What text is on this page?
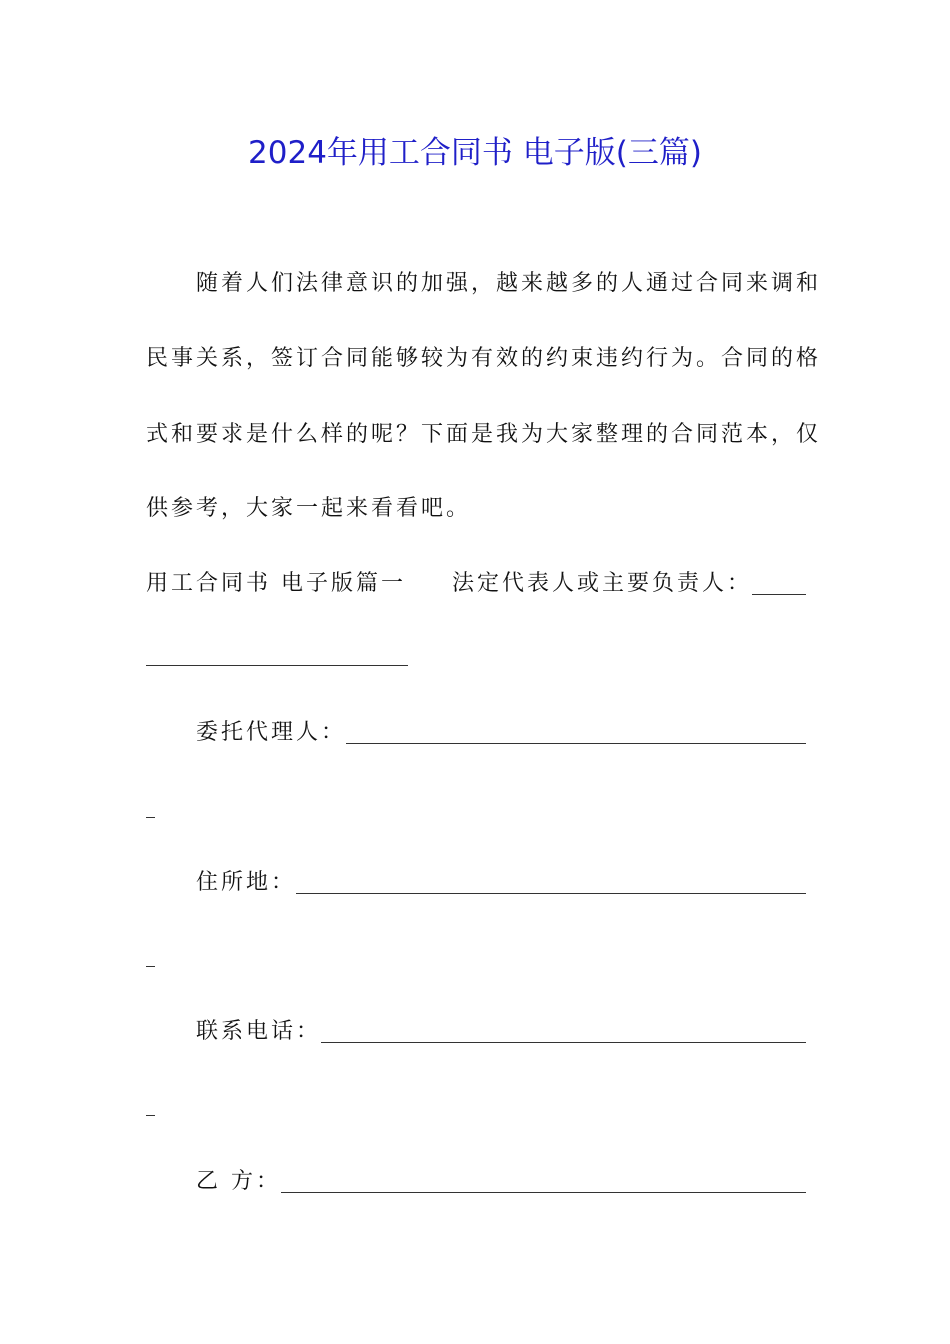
2024年用工合同书 电子版(三篇)
随着人们法律意识的加强，越来越多的人通过合同来调和
民事关系，签订合同能够较为有效的约束违约行为。合同的格
式和要求是什么样的呢？下面是我为大家整理的合同范本，仅
供参考，大家一起来看看吧。
用工合同书 电子版篇一 法定代表人或主要负责人：
委托代理人：
住所地：
联系电话：
乙 方：
